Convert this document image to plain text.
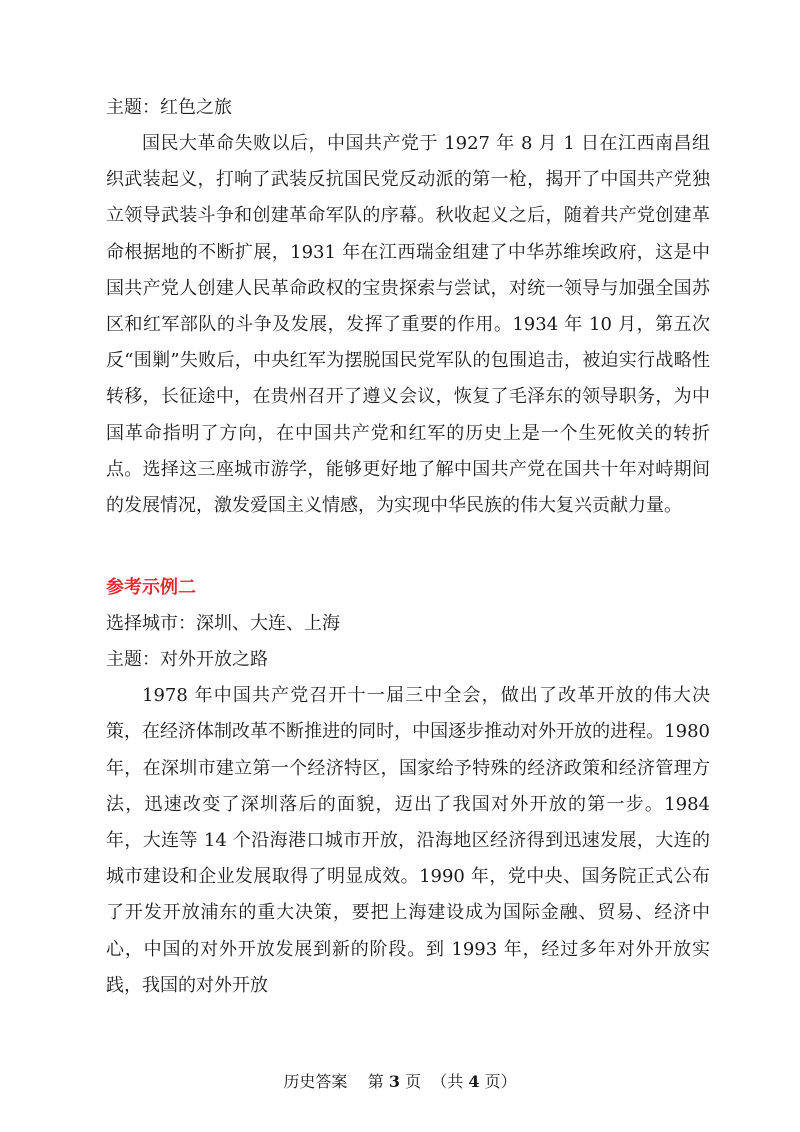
主题：红色之旅

国民大革命失败以后，中国共产党于 1927 年 8 月 1 日在江西南昌组织武装起义，打响了武装反抗国民党反动派的第一枪，揭开了中国共产党独立领导武装斗争和创建革命军队的序幕。秋收起义之后，随着共产党创建革命根据地的不断扩展，1931 年在江西瑞金组建了中华苏维埃政府，这是中国共产党人创建人民革命政权的宝贵探索与尝试，对统一领导与加强全国苏区和红军部队的斗争及发展，发挥了重要的作用。1934 年 10 月，第五次反“围剿”失败后，中央红军为摆脱国民党军队的包围追击，被迫实行战略性转移，长征途中，在贵州召开了遵义会议，恢复了毛泽东的领导职务，为中国革命指明了方向，在中国共产党和红军的历史上是一个生死攸关的转折点。选择这三座城市游学，能够更好地了解中国共产党在国共十年对峙期间的发展情况，激发爱国主义情感，为实现中华民族的伟大复兴贡献力量。

参考示例二

选择城市：深圳、大连、上海

主题：对外开放之路

1978 年中国共产党召开十一届三中全会，做出了改革开放的伟大决策，在经济体制改革不断推进的同时，中国逐步推动对外开放的进程。1980 年，在深圳市建立第一个经济特区，国家给予特殊的经济政策和经济管理方法，迅速改变了深圳落后的面貌，迈出了我国对外开放的第一步。1984 年，大连等 14 个沿海港口城市开放，沿海地区经济得到迅速发展，大连的城市建设和企业发展取得了明显成效。1990 年，党中央、国务院正式公布了开发开放浦东的重大决策，要把上海建设成为国际金融、贸易、经济中心，中国的对外开放发展到新的阶段。到 1993 年，经过多年对外开放实践，我国的对外开放

历史答案 第 3 页 （共 4 页）
